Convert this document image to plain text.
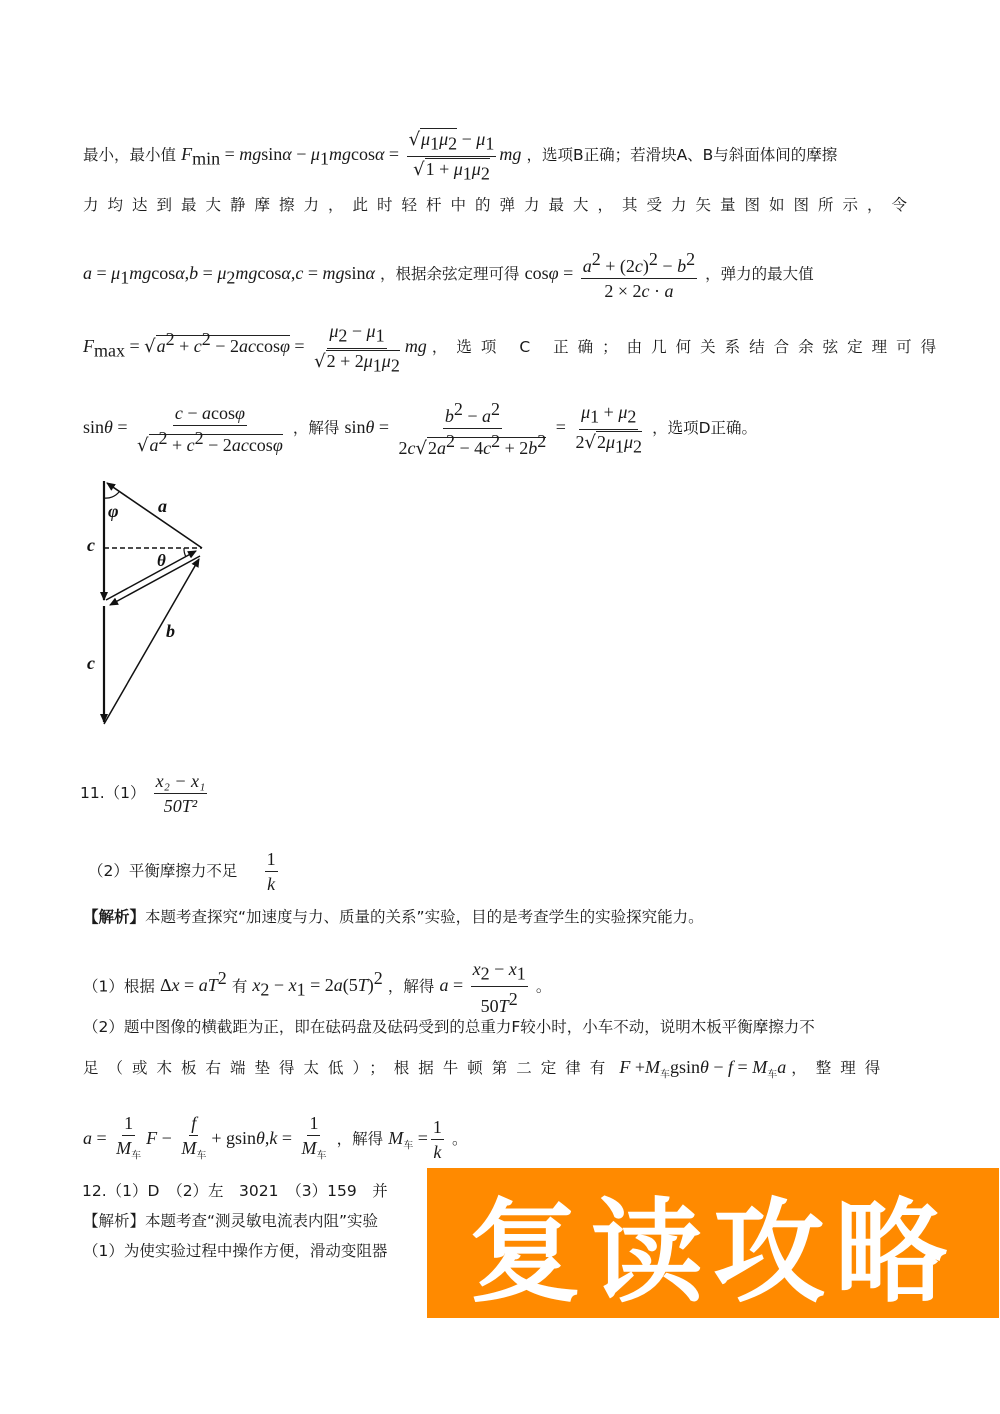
最小，最小值 $F_{min} = mgsin\alpha - \mu_1mgcos\alpha = \frac{√\mu_1\mu_2 - \mu_1}{√1 + \mu_1\mu_2}$ mg ，选项B正确；若滑块A、B与斜面体间的摩擦
力均达到最大静摩擦力，此时轻杆中的弹力最大，其受力矢量图如图所示，令
$a = \mu_1mgcos\alpha,b = \mu_2mgcos\alpha,c = mgsin\alpha$ ，根据余弦定理可得 $\cos\varphi = \frac{a^2 + (2c)^2 - b^2}{2 \times 2c \cdot a}$ ，弹力的最大值
$F_{max} = √a^2 + c^2 - 2accos\varphi = \frac{\mu_2 - \mu_1}{√2 + 2\mu_1\mu_2}$ mg ，选项 C 正确；由几何关系结合余弦定理可得
$\sin\theta = \frac{c - acos\varphi}{√a^2 + c^2 - 2accos\varphi}$ ，解得 $\sin\theta = \frac{b^2 - a^2}{2c√2a^2 - 4c^2 + 2b^2} = \frac{\mu_1 + \mu_2}{2√2\mu_1\mu_2}$ ，选项D正确。
φ a
c
θ
b
c
$11.(1) \frac{\text{x₂ − x₁}}{\text{50T²}}$
（2）平衡摩擦力不足 $\frac{1}{k}$
【解析】本题考查探究“加速度与力、质量的关系”实验，目的是考查学生的实验探究能力。
（1）根据 $\Delta x = aT^2$ 有 $x_2 - x_1 = 2a(5T)^2$ ，解得 $a = \frac{x_2 - x_1}{50T^2}$ 。
（2）题中图像的横截距为正，即在砝码盘及砝码受到的总重力F较小时，小车不动，说明木板平衡摩擦力不
足（或木板右端垫得太低）；根据牛顿第二定律有 $F +M_车gsin\theta - f = M_车a$ ，整理得
$a = \frac{1}{M_车}$ $F - \frac{f}{M_车} + gsin\theta,k = \frac{1}{M_车}$ ，解得 $M_车 = \frac{1}{k}$ 。
12.（1）D　（2）左　3021　（3）159　并
【解析】本题考查“测灵敏电流表内阻”实验
（1）为使实验过程中操作方便，滑动变阻器 复读攻略
